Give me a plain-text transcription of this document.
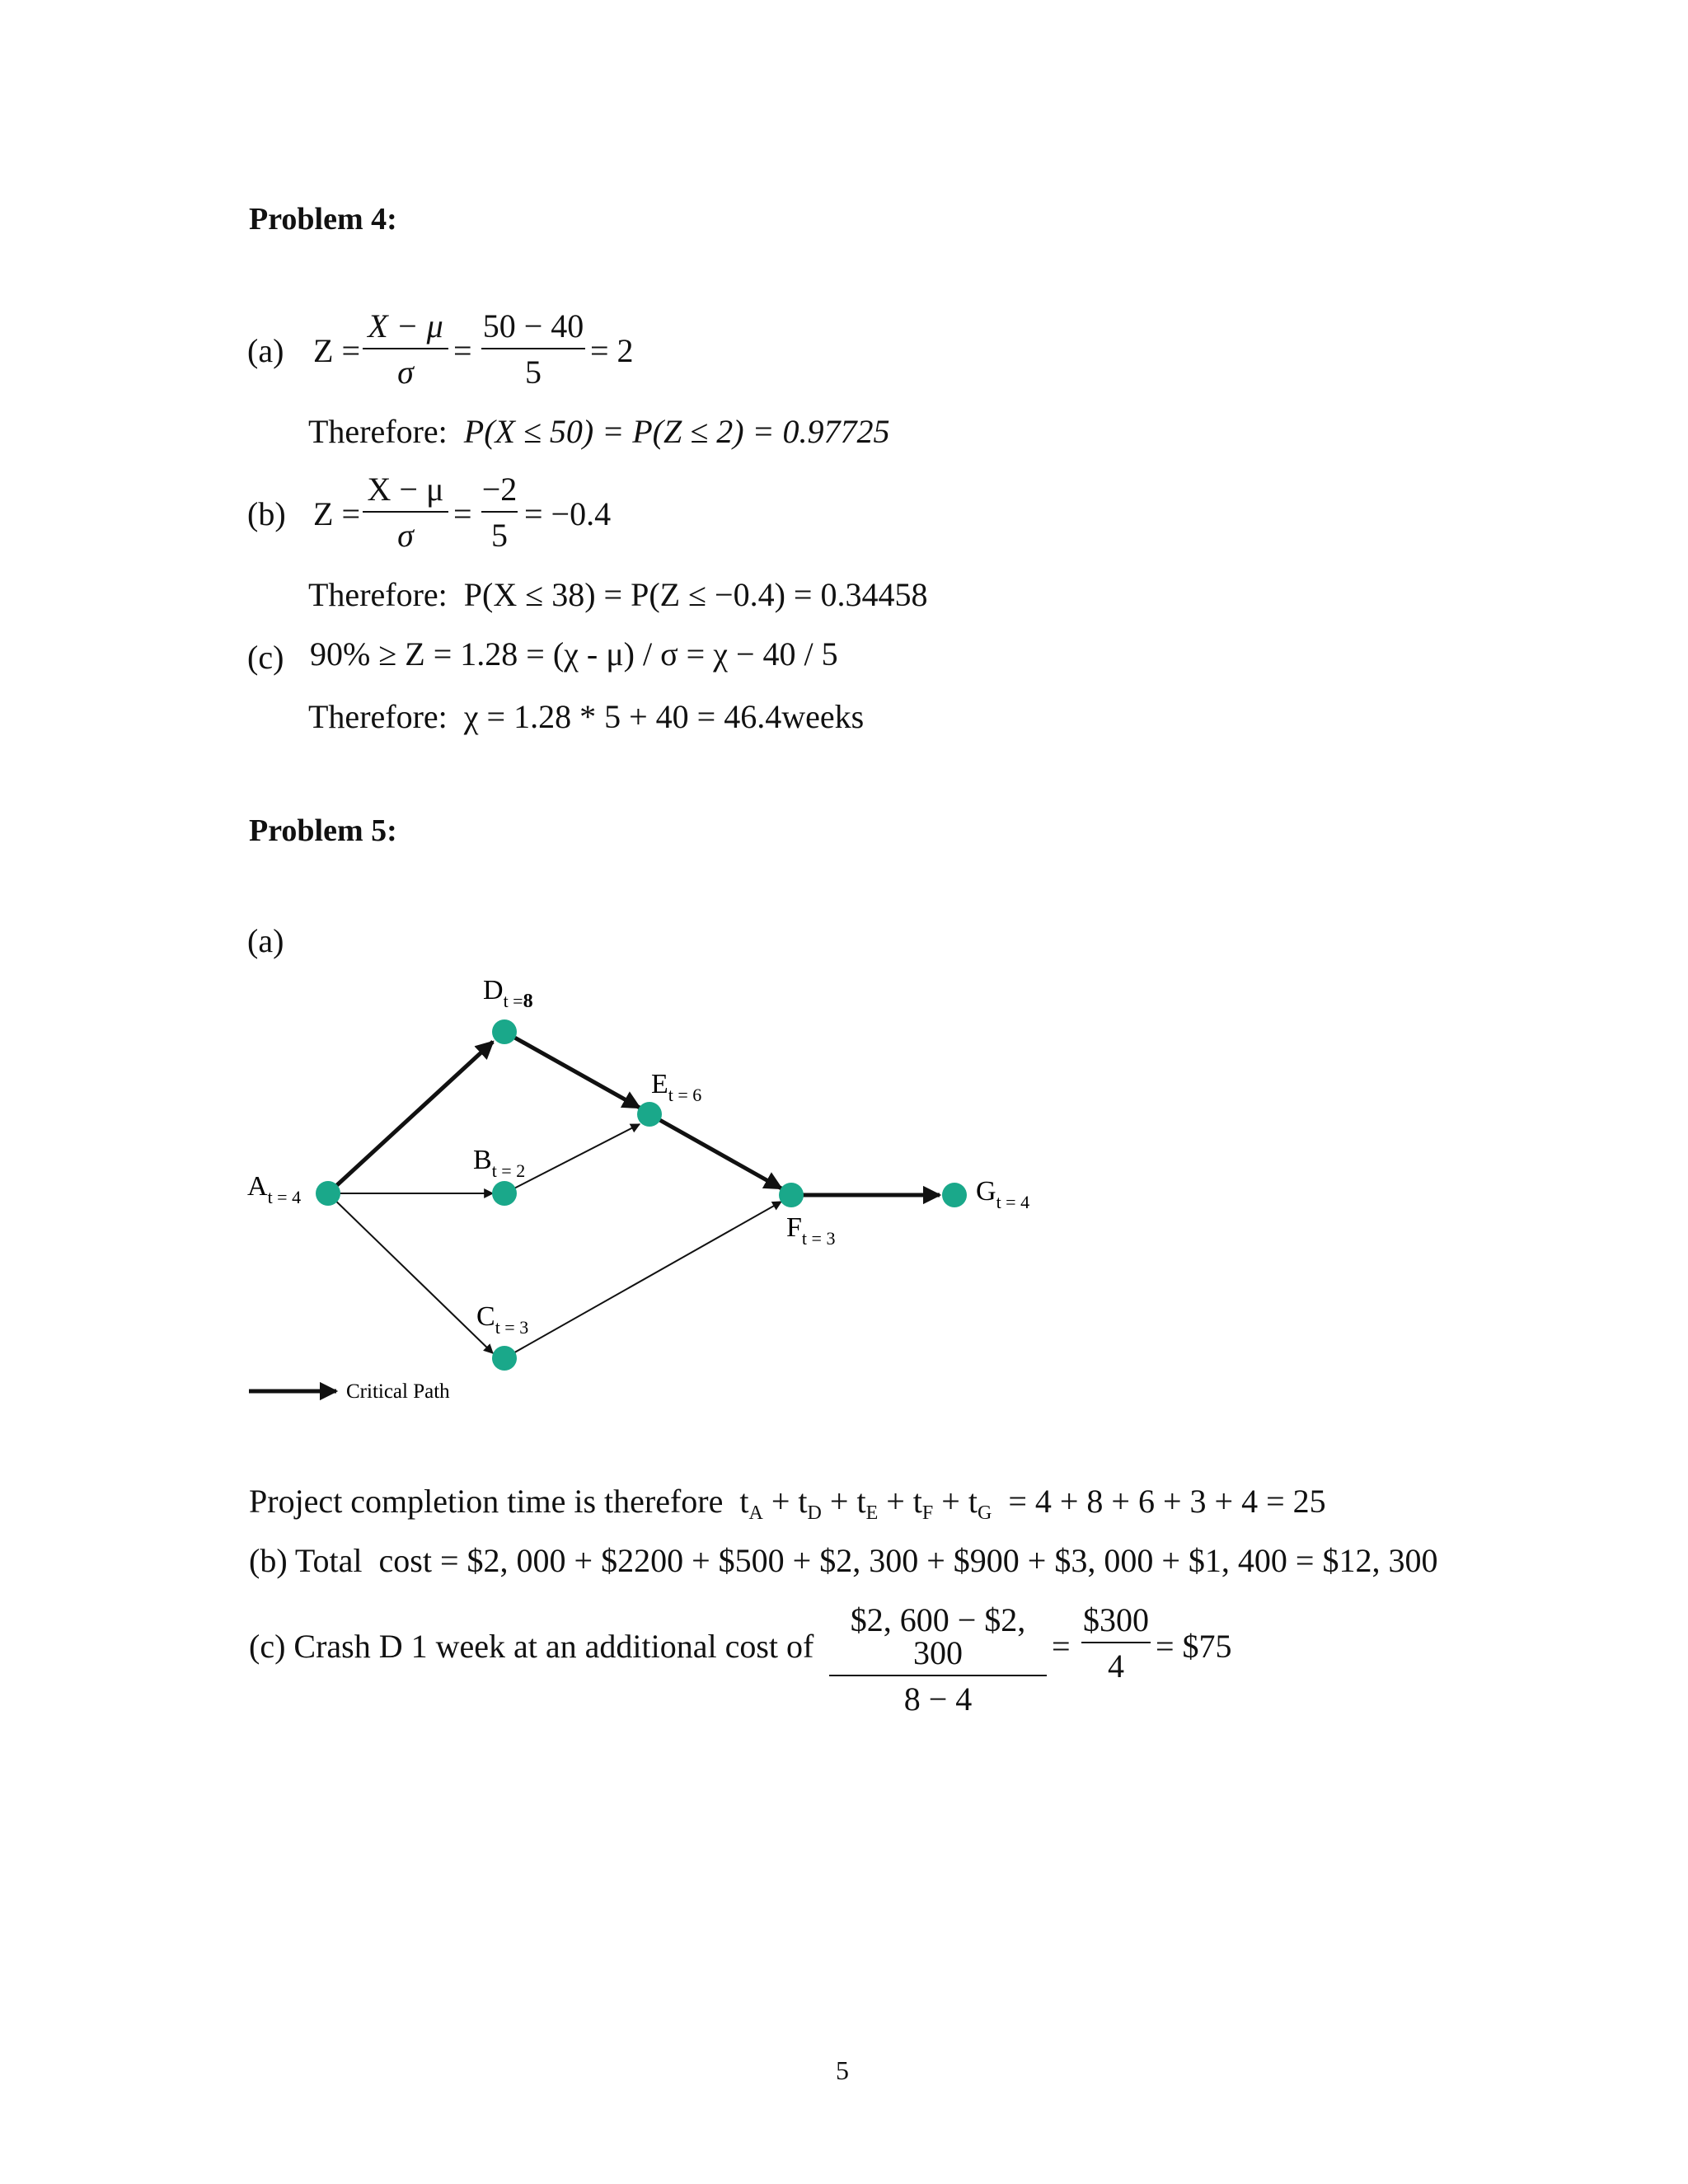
Problem 4:
(a) Z =
X − μ
σ
=
50 − 40
5
= 2
Therefore: P(X ≤ 50) = P(Z ≤ 2) = 0.97725
(b) Z =
X − μ
σ
=
−2
5
= −0.4
Therefore: P(X ≤ 38) = P(Z ≤ −0.4) = 0.34458
(c) 90% ≥ Z = 1.28 = (χ - μ) / σ = χ − 40 / 5
Therefore: χ = 1.28 * 5 + 40 = 46.4weeks
Problem 5:
(a)
$A_{t = 4}$
$B_{t = 2}$
$C_{t = 3}$
$D_{t =}8$
$E_{t = 6}$
$F_{t = 3}$
$G_{t = 4}$
Critical Path
Project completion time is therefore $t_A + t_D + t_E + t_F + t_G = 4 + 8 + 6 + 3 + 4 = 25$
(b) Total cost = $2, 000 + $2200 + $500 + $2, 300 + $900 + $3, 000 + $1, 400 = $12, 300
(c) Crash D 1 week at an additional cost of
$2, 600 − $2, 300
8 − 4
=
$300
4
= $75
5
